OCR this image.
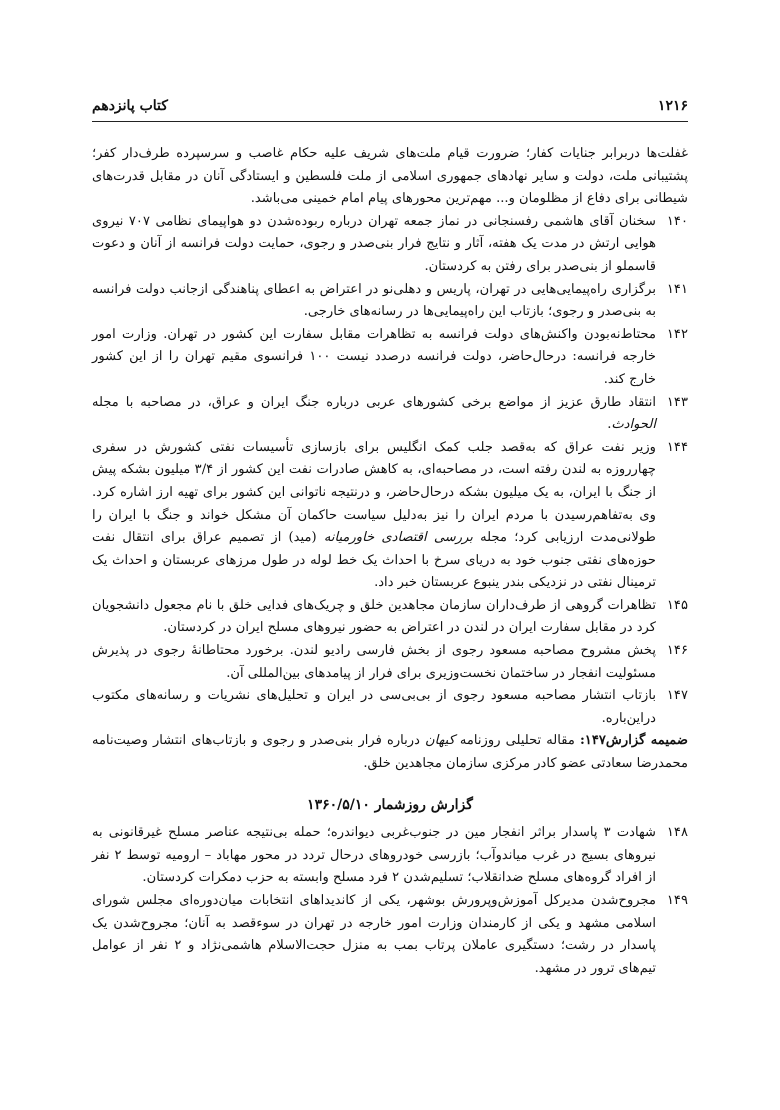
۱۲۱۶
کتاب پانزدهم

غفلت‌ها دربرابر جنایات کفار؛ ضرورت قیام ملت‌های شریف علیه حکام غاصب و سرسپرده طرف‌دار کفر؛ پشتیبانی ملت، دولت و سایر نهادهای جمهوری اسلامی از ملت فلسطین و ایستادگی آنان در مقابل قدرت‌های شیطانی برای دفاع از مظلومان و... مهم‌ترین محورهای پیام امام خمینی می‌باشد.

۱۴۰
سخنان آقای هاشمی رفسنجانی در نماز جمعه تهران درباره ربوده‌شدن دو هواپیمای نظامی ۷۰۷ نیروی هوایی ارتش در مدت یک هفته، آثار و نتایج فرار بنی‌صدر و رجوی، حمایت دولت فرانسه از آنان و دعوت قاسملو از بنی‌صدر برای رفتن به کردستان.
۱۴۱
برگزاری راه‌پیمایی‌هایی در تهران، پاریس و دهلی‌نو در اعتراض به اعطای پناهندگی ازجانب دولت فرانسه به بنی‌صدر و رجوی؛ بازتاب این راه‌پیمایی‌ها در رسانه‌های خارجی.
۱۴۲
محتاط‌نه‌بودن واکنش‌های دولت فرانسه به تظاهرات مقابل سفارت این کشور در تهران. وزارت امور خارجه فرانسه: درحال‌حاضر، دولت فرانسه درصدد نیست ۱۰۰ فرانسوی مقیم تهران را از این کشور خارج کند.
۱۴۳
انتقاد طارق عزیز از مواضع برخی کشورهای عربی درباره جنگ ایران و عراق، در مصاحبه با مجله الحوادث.
۱۴۴
وزیر نفت عراق که به‌قصد جلب کمک انگلیس برای بازسازی تأسیسات نفتی کشورش در سفری چهارروزه به لندن رفته است، در مصاحبه‌ای، به کاهش صادرات نفت این کشور از ۳/۴ میلیون بشکه پیش از جنگ با ایران، به یک میلیون بشکه درحال‌حاضر، و درنتیجه ناتوانی این کشور برای تهیه ارز اشاره کرد. وی به‌تفاهم‌رسیدن با مردم ایران را نیز به‌دلیل سیاست حاکمان آن مشکل خواند و جنگ با ایران را طولانی‌مدت ارزیابی کرد؛ مجله بررسی اقتصادی خاورمیانه (مید) از تصمیم عراق برای انتقال نفت حوزه‌های نفتی جنوب خود به دریای سرخ با احداث یک خط لوله در طول مرزهای عربستان و احداث یک ترمینال نفتی در نزدیکی بندر ینبوع عربستان خبر داد.
۱۴۵
تظاهرات گروهی از طرف‌داران سازمان مجاهدین خلق و چریک‌های فدایی خلق با نام مجعول دانشجویان کرد در مقابل سفارت ایران در لندن در اعتراض به حضور نیروهای مسلح ایران در کردستان.
۱۴۶
پخش مشروح مصاحبه مسعود رجوی از بخش فارسی رادیو لندن. برخورد محتاطانهٔ رجوی در پذیرش مسئولیت انفجار در ساختمان نخست‌وزیری برای فرار از پیامدهای بین‌المللی آن.
۱۴۷
بازتاب انتشار مصاحبه مسعود رجوی از بی‌بی‌سی در ایران و تحلیل‌های نشریات و رسانه‌های مکتوب دراین‌باره.

ضمیمه گزارش۱۴۷: مقاله تحلیلی روزنامه کیهان درباره فرار بنی‌صدر و رجوی و بازتاب‌های انتشار وصیت‌نامه محمدرضا سعادتی عضو کادر مرکزی سازمان مجاهدین خلق.

گزارش روزشمار ۱۳۶۰/۵/۱۰
۱۴۸
شهادت ۳ پاسدار براثر انفجار مین در جنوب‌غربی دیواندره؛ حمله بی‌نتیجه عناصر مسلح غیرقانونی به نیروهای بسیج در غرب میاندوآب؛ بازرسی خودروهای درحال تردد در محور مهاباد – ارومیه توسط ۲ نفر از افراد گروه‌های مسلح ضدانقلاب؛ تسلیم‌شدن ۲ فرد مسلح وابسته به حزب دمکرات کردستان.
۱۴۹
مجروح‌شدن مدیرکل آموزش‌وپرورش بوشهر، یکی از کاندیداهای انتخابات میان‌دوره‌ای مجلس شورای اسلامی مشهد و یکی از کارمندان وزارت امور خارجه در تهران در سوءقصد به آنان؛ مجروح‌شدن یک پاسدار در رشت؛ دستگیری عاملان پرتاب بمب به منزل حجت‌الاسلام هاشمی‌نژاد و ۲ نفر از عوامل تیم‌های ترور در مشهد.
